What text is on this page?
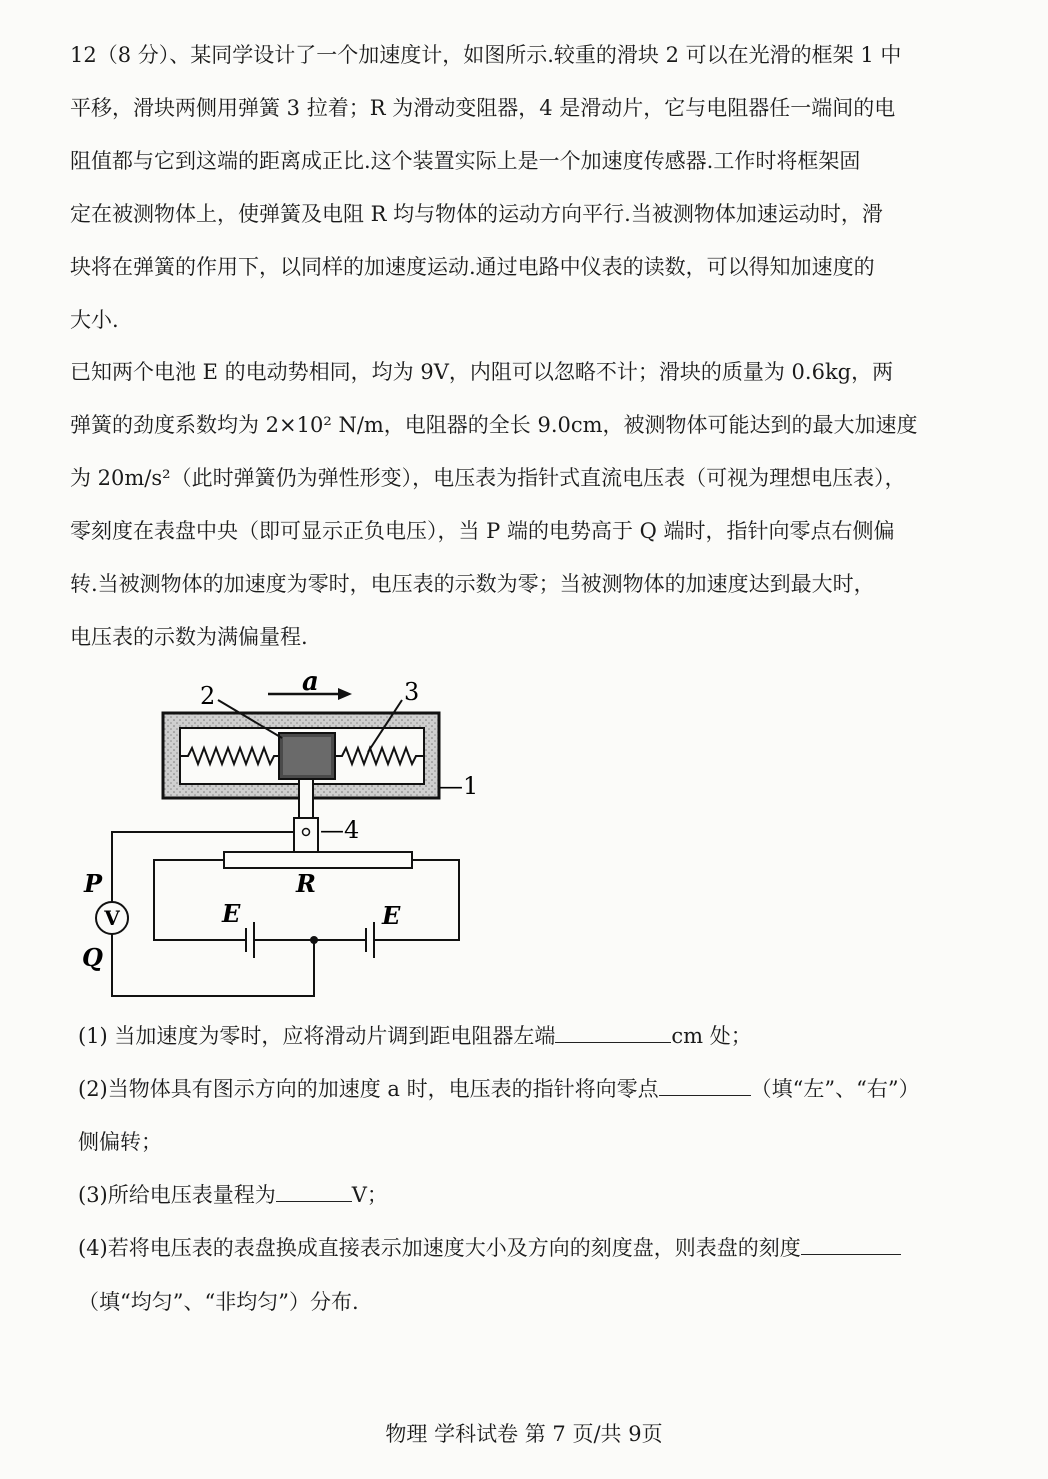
12（8 分）、某同学设计了一个加速度计，如图所示.较重的滑块 2 可以在光滑的框架 1 中
平移，滑块两侧用弹簧 3 拉着；R 为滑动变阻器，4 是滑动片，它与电阻器任一端间的电
阻值都与它到这端的距离成正比.这个装置实际上是一个加速度传感器.工作时将框架固
定在被测物体上，使弹簧及电阻 R 均与物体的运动方向平行.当被测物体加速运动时，滑
块将在弹簧的作用下，以同样的加速度运动.通过电路中仪表的读数，可以得知加速度的
大小.
已知两个电池 E 的电动势相同，均为 9V，内阻可以忽略不计；滑块的质量为 0.6kg，两
弹簧的劲度系数均为 2×10² N/m，电阻器的全长 9.0cm，被测物体可能达到的最大加速度
为 20m/s²（此时弹簧仍为弹性形变），电压表为指针式直流电压表（可视为理想电压表），
零刻度在表盘中央（即可显示正负电压），当 P 端的电势高于 Q 端时，指针向零点右侧偏
转.当被测物体的加速度为零时，电压表的示数为零；当被测物体的加速度达到最大时，
电压表的示数为满偏量程.
V
a
2	3
—1
—4
R
P
Q
E	E
(1) 当加速度为零时，应将滑动片调到距电阻器左端	cm 处；
(2)当物体具有图示方向的加速度 a 时，电压表的指针将向零点	（填“左”、“右”）
侧偏转；
(3)所给电压表量程为	V；
(4)若将电压表的表盘换成直接表示加速度大小及方向的刻度盘，则表盘的刻度
（填“均匀”、“非均匀”）分布.
物理 学科试卷 第 7 页/共 9页
